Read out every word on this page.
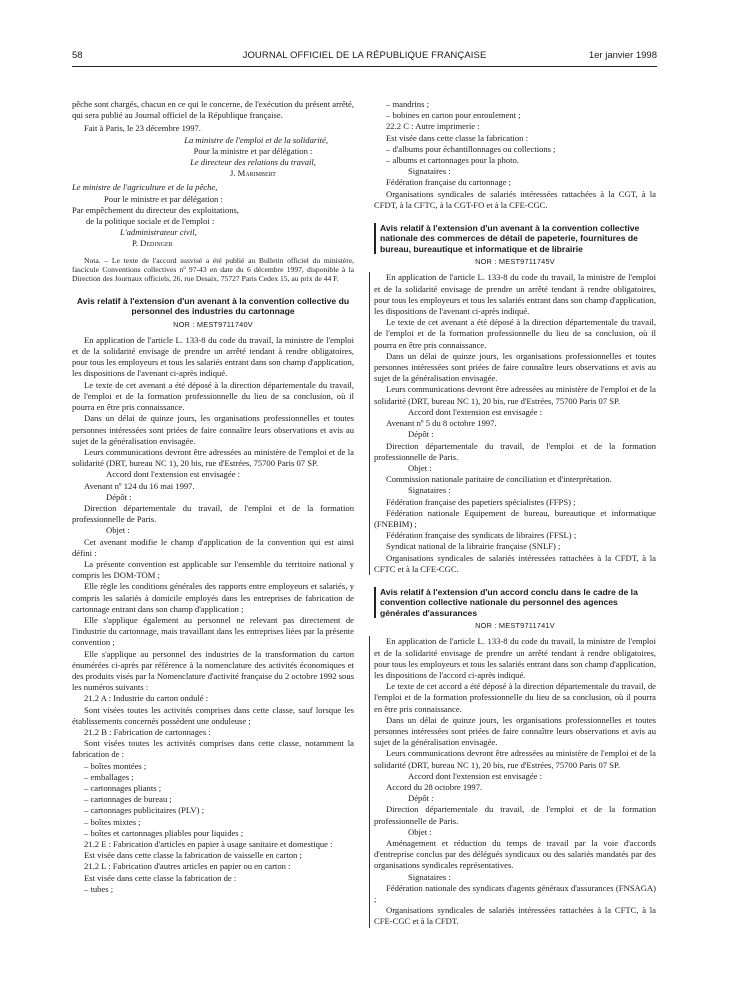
58	JOURNAL OFFICIEL DE LA RÉPUBLIQUE FRANÇAISE	1er janvier 1998

pêche sont chargés, chacun en ce qui le concerne, de l'exécution du présent arrêté, qui sera publié au Journal officiel de la République française.

Fait à Paris, le 23 décembre 1997.

La ministre de l'emploi et de la solidarité,

Pour la ministre et par délégation :

Le directeur des relations du travail,

J. Marimbert

Le ministre de l'agriculture et de la pêche,

Pour le ministre et par délégation :

Par empêchement du directeur des exploitations,

de la politique sociale et de l'emploi :

L'administrateur civil,

P. Dedinger

Nota. – Le texte de l'accord susvisé a été publié au Bulletin officiel du ministère, fascicule Conventions collectives nº 97-43 en date du 6 décembre 1997, disponible à la Direction des Journaux officiels, 26, rue Desaix, 75727 Paris Cedex 15, au prix de 44 F.

Avis relatif à l'extension d'un avenant à la convention collective du personnel des industries du cartonnage

NOR : MEST9711740V

En application de l'article L. 133-8 du code du travail, la ministre de l'emploi et de la solidarité envisage de prendre un arrêté tendant à rendre obligatoires, pour tous les employeurs et tous les salariés entrant dans son champ d'application, les dispositions de l'avenant ci-après indiqué.

Le texte de cet avenant a été déposé à la direction départementale du travail, de l'emploi et de la formation professionnelle du lieu de sa conclusion, où il pourra en être pris connaissance.

Dans un délai de quinze jours, les organisations professionnelles et toutes personnes intéressées sont priées de faire connaître leurs observations et avis au sujet de la généralisation envisagée.

Leurs communications devront être adressées au ministère de l'emploi et de la solidarité (DRT, bureau NC 1), 20 bis, rue d'Estrées, 75700 Paris 07 SP.

Accord dont l'extension est envisagée :

Avenant nº 124 du 16 mai 1997.

Dépôt :

Direction départementale du travail, de l'emploi et de la formation professionnelle de Paris.

Objet :

Cet avenant modifie le champ d'application de la convention qui est ainsi défini :

La présente convention est applicable sur l'ensemble du territoire national y compris les DOM-TOM ;

Elle règle les conditions générales des rapports entre employeurs et salariés, y compris les salariés à domicile employés dans les entreprises de fabrication de cartonnage entrant dans son champ d'application ;

Elle s'applique également au personnel ne relevant pas directement de l'industrie du cartonnage, mais travaillant dans les entreprises liées par la présente convention ;

Elle s'applique au personnel des industries de la transformation du carton énumérées ci-après par référence à la nomenclature des activités économiques et des produits visés par la Nomenclature d'activité française du 2 octobre 1992 sous les numéros suivants :

21.2 A : Industrie du carton ondulé :

Sont visées toutes les activités comprises dans cette classe, sauf lorsque les établissements concernés possèdent une onduleuse ;

21.2 B : Fabrication de cartonnages :

Sont visées toutes les activités comprises dans cette classe, notamment la fabrication de :

– boîtes montées ;

– emballages ;

– cartonnages pliants ;

– cartonnages de bureau ;

– cartonnages publicitaires (PLV) ;

– boîtes mixtes ;

– boîtes et cartonnages pliables pour liquides ;

21.2 E : Fabrication d'articles en papier à usage sanitaire et domestique :

Est visée dans cette classe la fabrication de vaisselle en carton ;

21.2 L : Fabrication d'autres articles en papier ou en carton :

Est visée dans cette classe la fabrication de :

– tubes ;

– mandrins ;

– bobines en carton pour enroulement ;

22.2 C : Autre imprimerie :

Est visée dans cette classe la fabrication :

– d'albums pour échantillonnages ou collections ;

– albums et cartonnages pour la photo.

Signataires :

Fédération française du cartonnage ;

Organisations syndicales de salariés intéressées rattachées à la CGT, à la CFDT, à la CFTC, à la CGT-FO et à la CFE-CGC.

Avis relatif à l'extension d'un avenant à la convention collective nationale des commerces de détail de papeterie, fournitures de bureau, bureautique et informatique et de librairie

NOR : MEST9711745V

En application de l'article L. 133-8 du code du travail, la ministre de l'emploi et de la solidarité envisage de prendre un arrêté tendant à rendre obligatoires, pour tous les employeurs et tous les salariés entrant dans son champ d'application, les dispositions de l'avenant ci-après indiqué.

Le texte de cet avenant a été déposé à la direction départementale du travail, de l'emploi et de la formation professionnelle du lieu de sa conclusion, où il pourra en être pris connaissance.

Dans un délai de quinze jours, les organisations professionnelles et toutes personnes intéressées sont priées de faire connaître leurs observations et avis au sujet de la généralisation envisagée.

Leurs communications devront être adressées au ministère de l'emploi et de la solidarité (DRT, bureau NC 1), 20 bis, rue d'Estrées, 75700 Paris 07 SP.

Accord dont l'extension est envisagée :

Avenant nº 5 du 8 octobre 1997.

Dépôt :

Direction départementale du travail, de l'emploi et de la formation professionnelle de Paris.

Objet :

Commission nationale paritaire de conciliation et d'interprétation.

Signataires :

Fédération française des papetiers spécialistes (FFPS) ;

Fédération nationale Equipement de bureau, bureautique et informatique (FNEBIM) ;

Fédération française des syndicats de libraires (FFSL) ;

Syndicat national de la librairie française (SNLF) ;

Organisations syndicales de salariés intéressées rattachées à la CFDT, à la CFTC et à la CFE-CGC.

Avis relatif à l'extension d'un accord conclu dans le cadre de la convention collective nationale du personnel des agences générales d'assurances

NOR : MEST9711741V

En application de l'article L. 133-8 du code du travail, la ministre de l'emploi et de la solidarité envisage de prendre un arrêté tendant à rendre obligatoires, pour tous les employeurs et tous les salariés entrant dans son champ d'application, les dispositions de l'accord ci-après indiqué.

Le texte de cet accord a été déposé à la direction départementale du travail, de l'emploi et de la formation professionnelle du lieu de sa conclusion, où il pourra en être pris connaissance.

Dans un délai de quinze jours, les organisations professionnelles et toutes personnes intéressées sont priées de faire connaître leurs observations et avis au sujet de la généralisation envisagée.

Leurs communications devront être adressées au ministère de l'emploi et de la solidarité (DRT, bureau NC 1), 20 bis, rue d'Estrées, 75700 Paris 07 SP.

Accord dont l'extension est envisagée :

Accord du 28 octobre 1997.

Dépôt :

Direction départementale du travail, de l'emploi et de la formation professionnelle de Paris.

Objet :

Aménagement et réduction du temps de travail par la voie d'accords d'entreprise conclus par des délégués syndicaux ou des salariés mandatés par des organisations syndicales représentatives.

Signataires :

Fédération nationale des syndicats d'agents généraux d'assurances (FNSAGA) ;

Organisations syndicales de salariés intéressées rattachées à la CFTC, à la CFE-CGC et à la CFDT.
